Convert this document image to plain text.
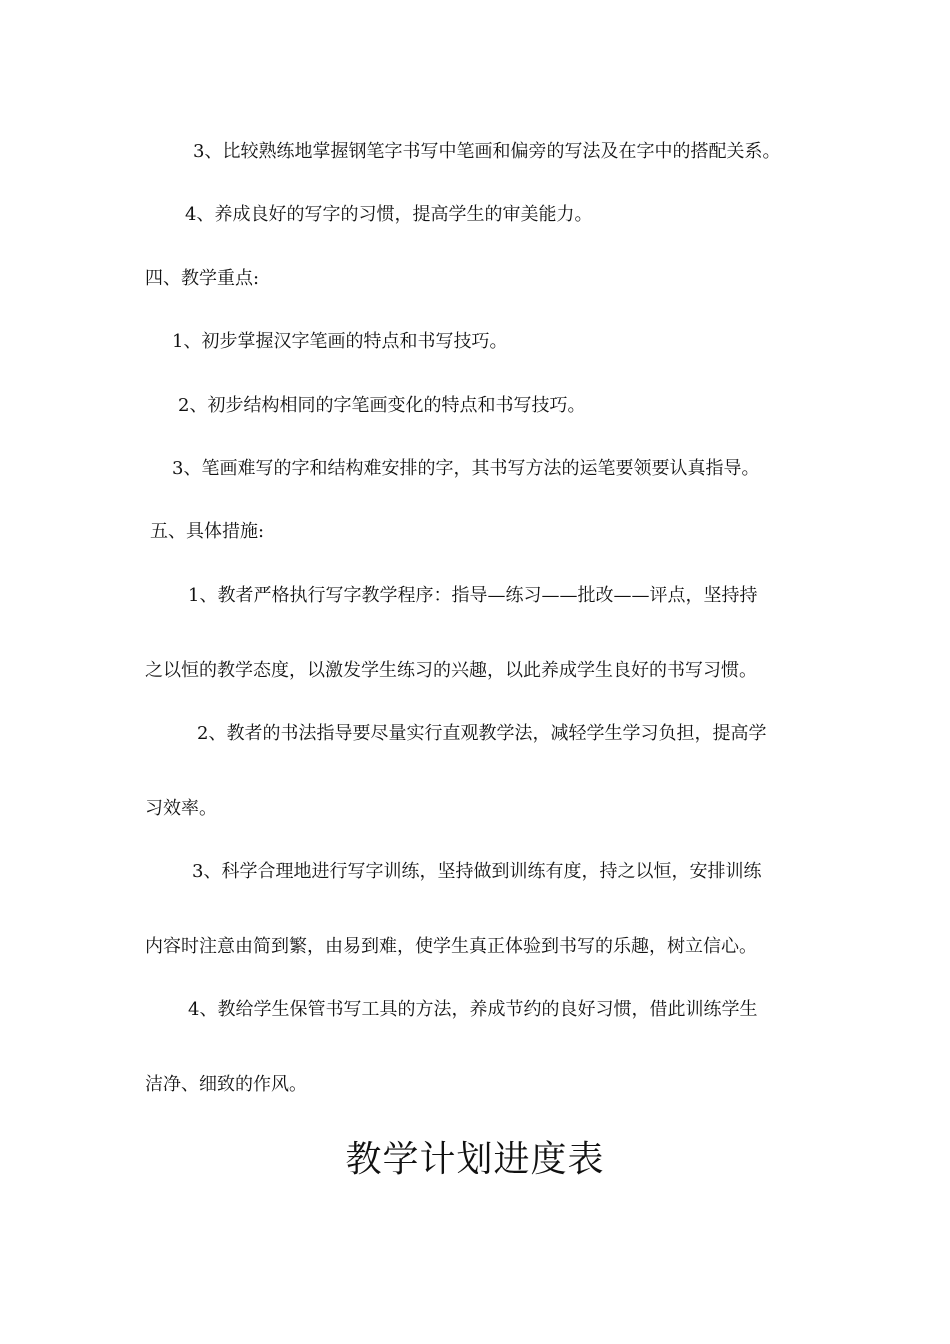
3、比较熟练地掌握钢笔字书写中笔画和偏旁的写法及在字中的搭配关系。
4、养成良好的写字的习惯，提高学生的审美能力。
四、教学重点:
1、初步掌握汉字笔画的特点和书写技巧。
2、初步结构相同的字笔画变化的特点和书写技巧。
3、笔画难写的字和结构难安排的字，其书写方法的运笔要领要认真指导。
五、具体措施:
1、教者严格执行写字教学程序：指导—练习——批改——评点，坚持持
之以恒的教学态度，以激发学生练习的兴趣，以此养成学生良好的书写习惯。
2、教者的书法指导要尽量实行直观教学法，减轻学生学习负担，提高学
习效率。
3、科学合理地进行写字训练，坚持做到训练有度，持之以恒，安排训练
内容时注意由简到繁，由易到难，使学生真正体验到书写的乐趣，树立信心。
4、教给学生保管书写工具的方法，养成节约的良好习惯，借此训练学生
洁净、细致的作风。
教学计划进度表
